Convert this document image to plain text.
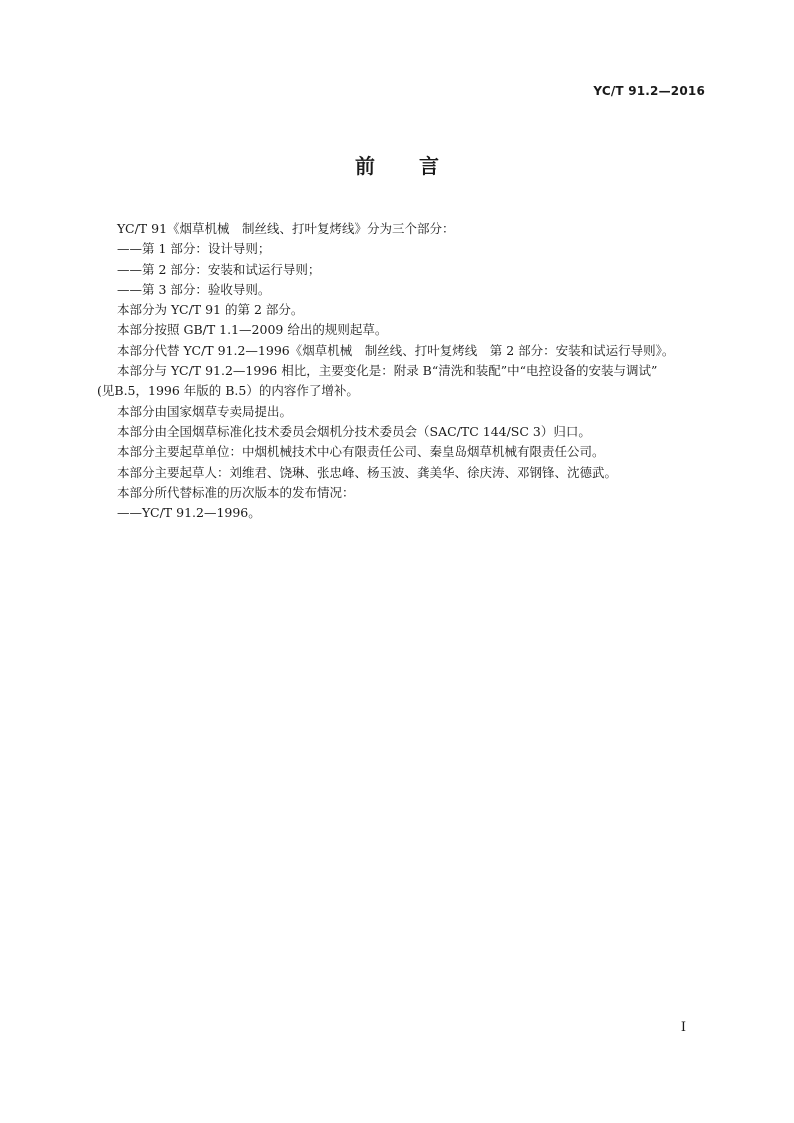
YC/T 91.2—2016
前 言

YC/T 91《烟草机械　制丝线、打叶复烤线》分为三个部分：

——第 1 部分：设计导则；

——第 2 部分：安装和试运行导则；

——第 3 部分：验收导则。

本部分为 YC/T 91 的第 2 部分。

本部分按照 GB/T 1.1—2009 给出的规则起草。

本部分代替 YC/T 91.2—1996《烟草机械　制丝线、打叶复烤线　第 2 部分：安装和试运行导则》。

本部分与 YC/T 91.2—1996 相比，主要变化是：附录 B“清洗和装配”中“电控设备的安装与调试”

(见B.5，1996 年版的 B.5）的内容作了增补。

本部分由国家烟草专卖局提出。

本部分由全国烟草标准化技术委员会烟机分技术委员会（SAC/TC 144/SC 3）归口。

本部分主要起草单位：中烟机械技术中心有限责任公司、秦皇岛烟草机械有限责任公司。

本部分主要起草人：刘维君、饶琳、张忠峰、杨玉波、龚美华、徐庆涛、邓钢锋、沈德武。

本部分所代替标准的历次版本的发布情况：

——YC/T 91.2—1996。

I
